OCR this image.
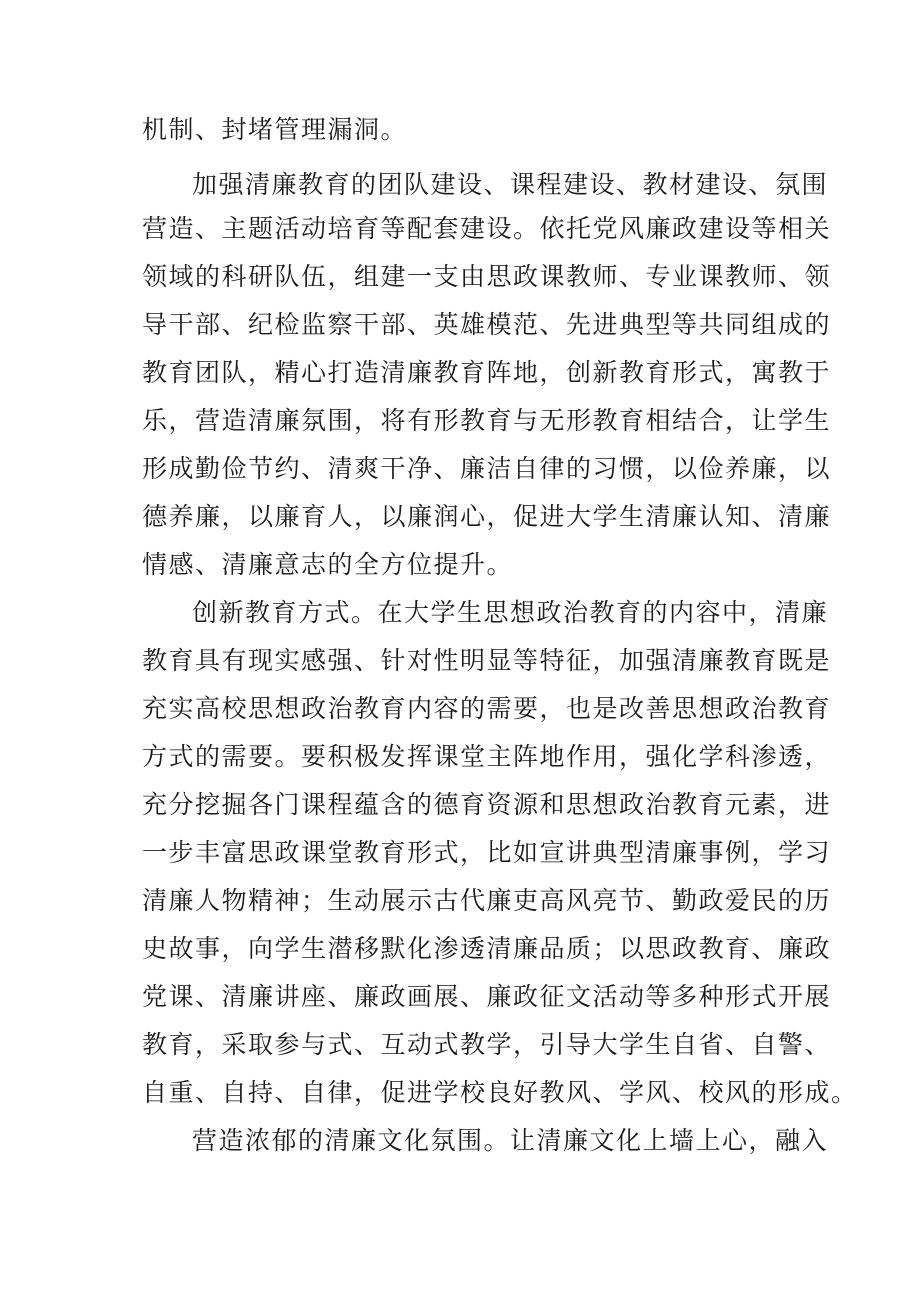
机制、封堵管理漏洞。
加强清廉教育的团队建设、课程建设、教材建设、氛围
营造、主题活动培育等配套建设。依托党风廉政建设等相关
领域的科研队伍，组建一支由思政课教师、专业课教师、领
导干部、纪检监察干部、英雄模范、先进典型等共同组成的
教育团队，精心打造清廉教育阵地，创新教育形式，寓教于
乐，营造清廉氛围，将有形教育与无形教育相结合，让学生
形成勤俭节约、清爽干净、廉洁自律的习惯，以俭养廉，以
德养廉，以廉育人，以廉润心，促进大学生清廉认知、清廉
情感、清廉意志的全方位提升。
创新教育方式。在大学生思想政治教育的内容中，清廉
教育具有现实感强、针对性明显等特征，加强清廉教育既是
充实高校思想政治教育内容的需要，也是改善思想政治教育
方式的需要。要积极发挥课堂主阵地作用，强化学科渗透，
充分挖掘各门课程蕴含的德育资源和思想政治教育元素，进
一步丰富思政课堂教育形式，比如宣讲典型清廉事例，学习
清廉人物精神；生动展示古代廉吏高风亮节、勤政爱民的历
史故事，向学生潜移默化渗透清廉品质；以思政教育、廉政
党课、清廉讲座、廉政画展、廉政征文活动等多种形式开展
教育，采取参与式、互动式教学，引导大学生自省、自警、
自重、自持、自律，促进学校良好教风、学风、校风的形成。
营造浓郁的清廉文化氛围。让清廉文化上墙上心，融入
